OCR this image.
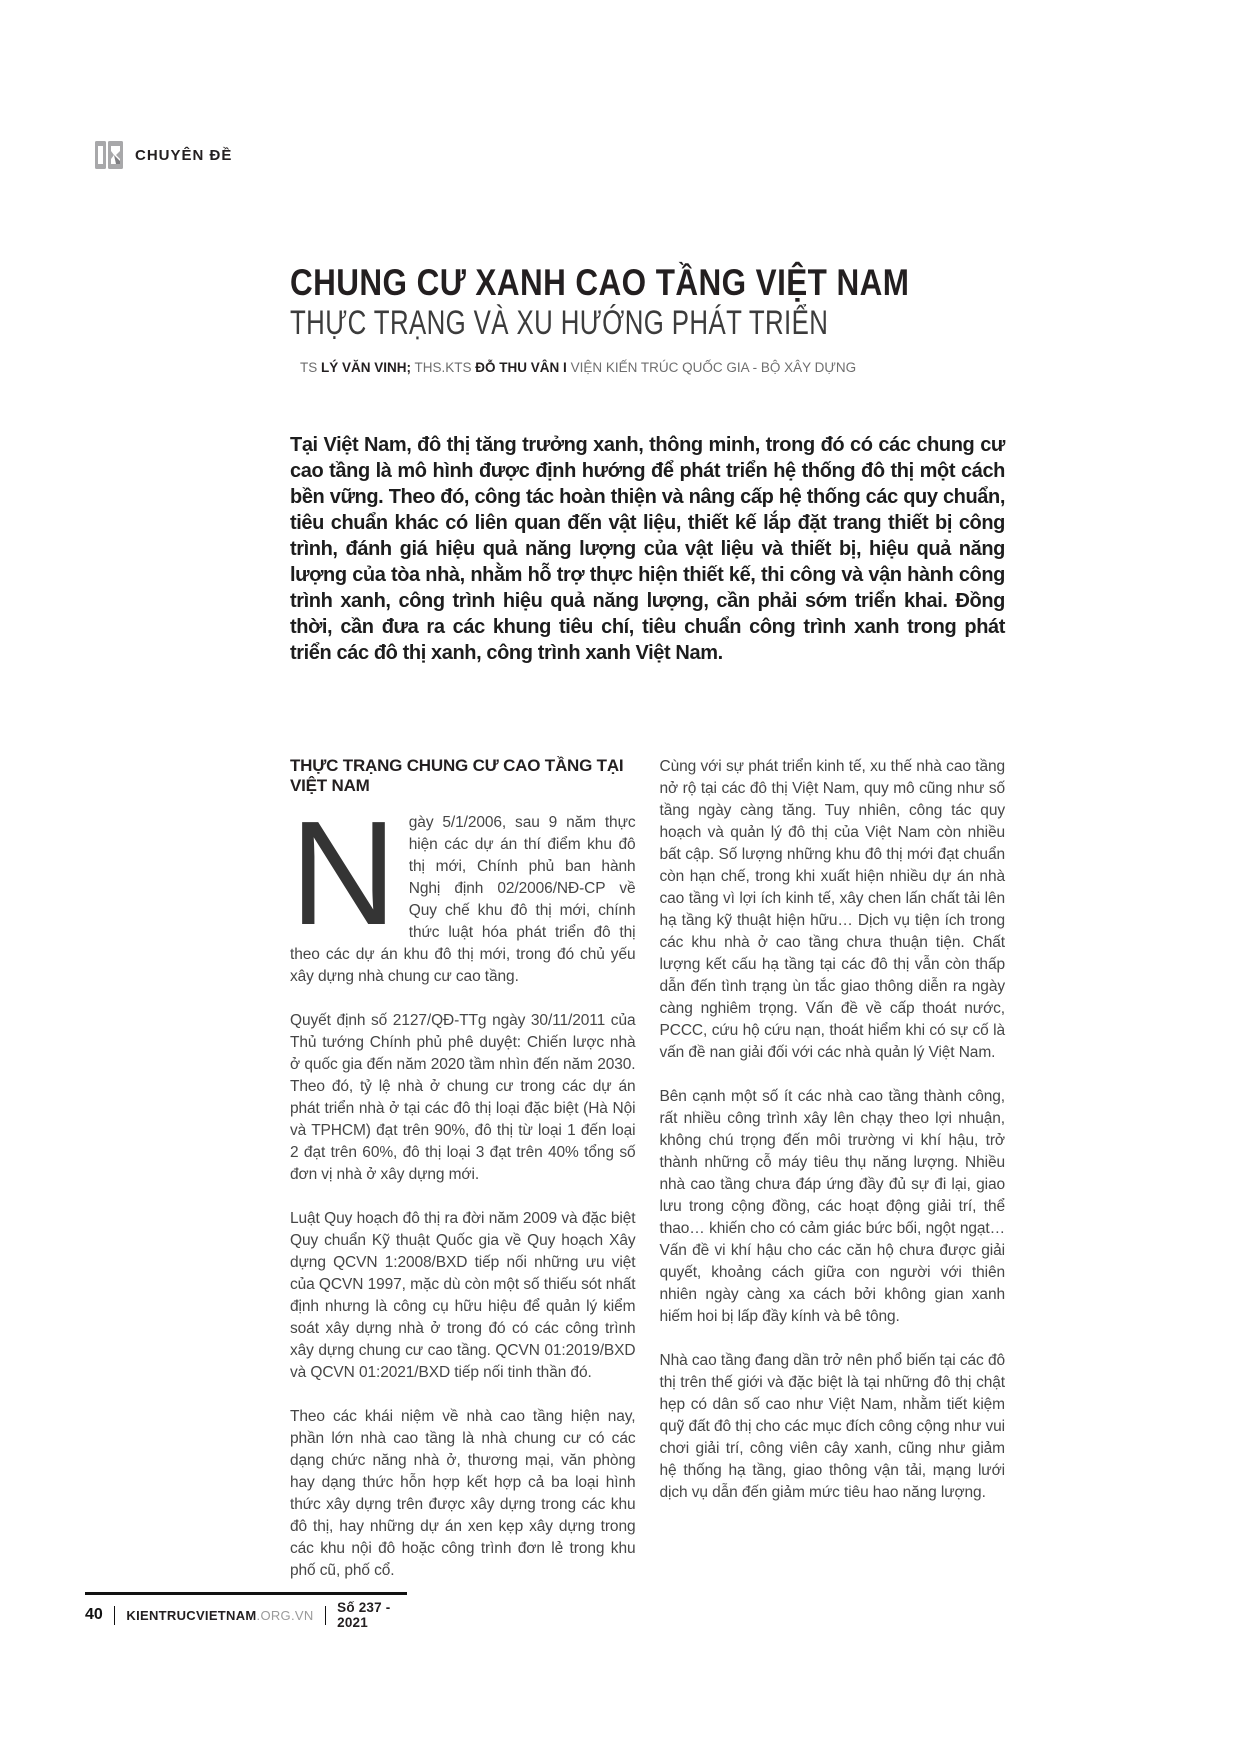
CHUYÊN ĐỀ
CHUNG CƯ XANH CAO TẦNG VIỆT NAM
THỰC TRẠNG VÀ XU HƯỚNG PHÁT TRIỂN

TS LÝ VĂN VINH; THS.KTS ĐỖ THU VÂN I VIỆN KIẾN TRÚC QUỐC GIA - BỘ XÂY DỰNG

Tại Việt Nam, đô thị tăng trưởng xanh, thông minh, trong đó có các chung cư cao tầng là mô hình được định hướng để phát triển hệ thống đô thị một cách bền vững. Theo đó, công tác hoàn thiện và nâng cấp hệ thống các quy chuẩn, tiêu chuẩn khác có liên quan đến vật liệu, thiết kế lắp đặt trang thiết bị công trình, đánh giá hiệu quả năng lượng của vật liệu và thiết bị, hiệu quả năng lượng của tòa nhà, nhằm hỗ trợ thực hiện thiết kế, thi công và vận hành công trình xanh, công trình hiệu quả năng lượng, cần phải sớm triển khai. Đồng thời, cần đưa ra các khung tiêu chí, tiêu chuẩn công trình xanh trong phát triển các đô thị xanh, công trình xanh Việt Nam.

THỰC TRẠNG CHUNG CƯ CAO TẦNG TẠI VIỆT NAM

Ngày 5/1/2006, sau 9 năm thực hiện các dự án thí điểm khu đô thị mới, Chính phủ ban hành Nghị định 02/2006/NĐ-CP về Quy chế khu đô thị mới, chính thức luật hóa phát triển đô thị theo các dự án khu đô thị mới, trong đó chủ yếu xây dựng nhà chung cư cao tầng.

Quyết định số 2127/QĐ-TTg ngày 30/11/2011 của Thủ tướng Chính phủ phê duyệt: Chiến lược nhà ở quốc gia đến năm 2020 tầm nhìn đến năm 2030. Theo đó, tỷ lệ nhà ở chung cư trong các dự án phát triển nhà ở tại các đô thị loại đặc biệt (Hà Nội và TPHCM) đạt trên 90%, đô thị từ loại 1 đến loại 2 đạt trên 60%, đô thị loại 3 đạt trên 40% tổng số đơn vị nhà ở xây dựng mới.

Luật Quy hoạch đô thị ra đời năm 2009 và đặc biệt Quy chuẩn Kỹ thuật Quốc gia về Quy hoạch Xây dựng QCVN 1:2008/BXD tiếp nối những ưu việt của QCVN 1997, mặc dù còn một số thiếu sót nhất định nhưng là công cụ hữu hiệu để quản lý kiểm soát xây dựng nhà ở trong đó có các công trình xây dựng chung cư cao tầng. QCVN 01:2019/BXD và QCVN 01:2021/BXD tiếp nối tinh thần đó.

Theo các khái niệm về nhà cao tầng hiện nay, phần lớn nhà cao tầng là nhà chung cư có các dạng chức năng nhà ở, thương mại, văn phòng hay dạng thức hỗn hợp kết hợp cả ba loại hình thức xây dựng trên được xây dựng trong các khu đô thị, hay những dự án xen kẹp xây dựng trong các khu nội đô hoặc công trình đơn lẻ trong khu phố cũ, phố cổ.

Cùng với sự phát triển kinh tế, xu thế nhà cao tầng nở rộ tại các đô thị Việt Nam, quy mô cũng như số tầng ngày càng tăng. Tuy nhiên, công tác quy hoạch và quản lý đô thị của Việt Nam còn nhiều bất cập. Số lượng những khu đô thị mới đạt chuẩn còn hạn chế, trong khi xuất hiện nhiều dự án nhà cao tầng vì lợi ích kinh tế, xây chen lấn chất tải lên hạ tầng kỹ thuật hiện hữu… Dịch vụ tiện ích trong các khu nhà ở cao tầng chưa thuận tiện. Chất lượng kết cấu hạ tầng tại các đô thị vẫn còn thấp dẫn đến tình trạng ùn tắc giao thông diễn ra ngày càng nghiêm trọng. Vấn đề về cấp thoát nước, PCCC, cứu hộ cứu nạn, thoát hiểm khi có sự cố là vấn đề nan giải đối với các nhà quản lý Việt Nam.

Bên cạnh một số ít các nhà cao tầng thành công, rất nhiều công trình xây lên chạy theo lợi nhuận, không chú trọng đến môi trường vi khí hậu, trở thành những cỗ máy tiêu thụ năng lượng. Nhiều nhà cao tầng chưa đáp ứng đầy đủ sự đi lại, giao lưu trong cộng đồng, các hoạt động giải trí, thể thao… khiến cho có cảm giác bức bối, ngột ngạt… Vấn đề vi khí hậu cho các căn hộ chưa được giải quyết, khoảng cách giữa con người với thiên nhiên ngày càng xa cách bởi không gian xanh hiếm hoi bị lấp đầy kính và bê tông.

Nhà cao tầng đang dần trở nên phổ biến tại các đô thị trên thế giới và đặc biệt là tại những đô thị chật hẹp có dân số cao như Việt Nam, nhằm tiết kiệm quỹ đất đô thị cho các mục đích công cộng như vui chơi giải trí, công viên cây xanh, cũng như giảm hệ thống hạ tầng, giao thông vận tải, mạng lưới dịch vụ dẫn đến giảm mức tiêu hao năng lượng.

40 KIENTRUCVIETNAM.ORG.VN Số 237 - 2021
